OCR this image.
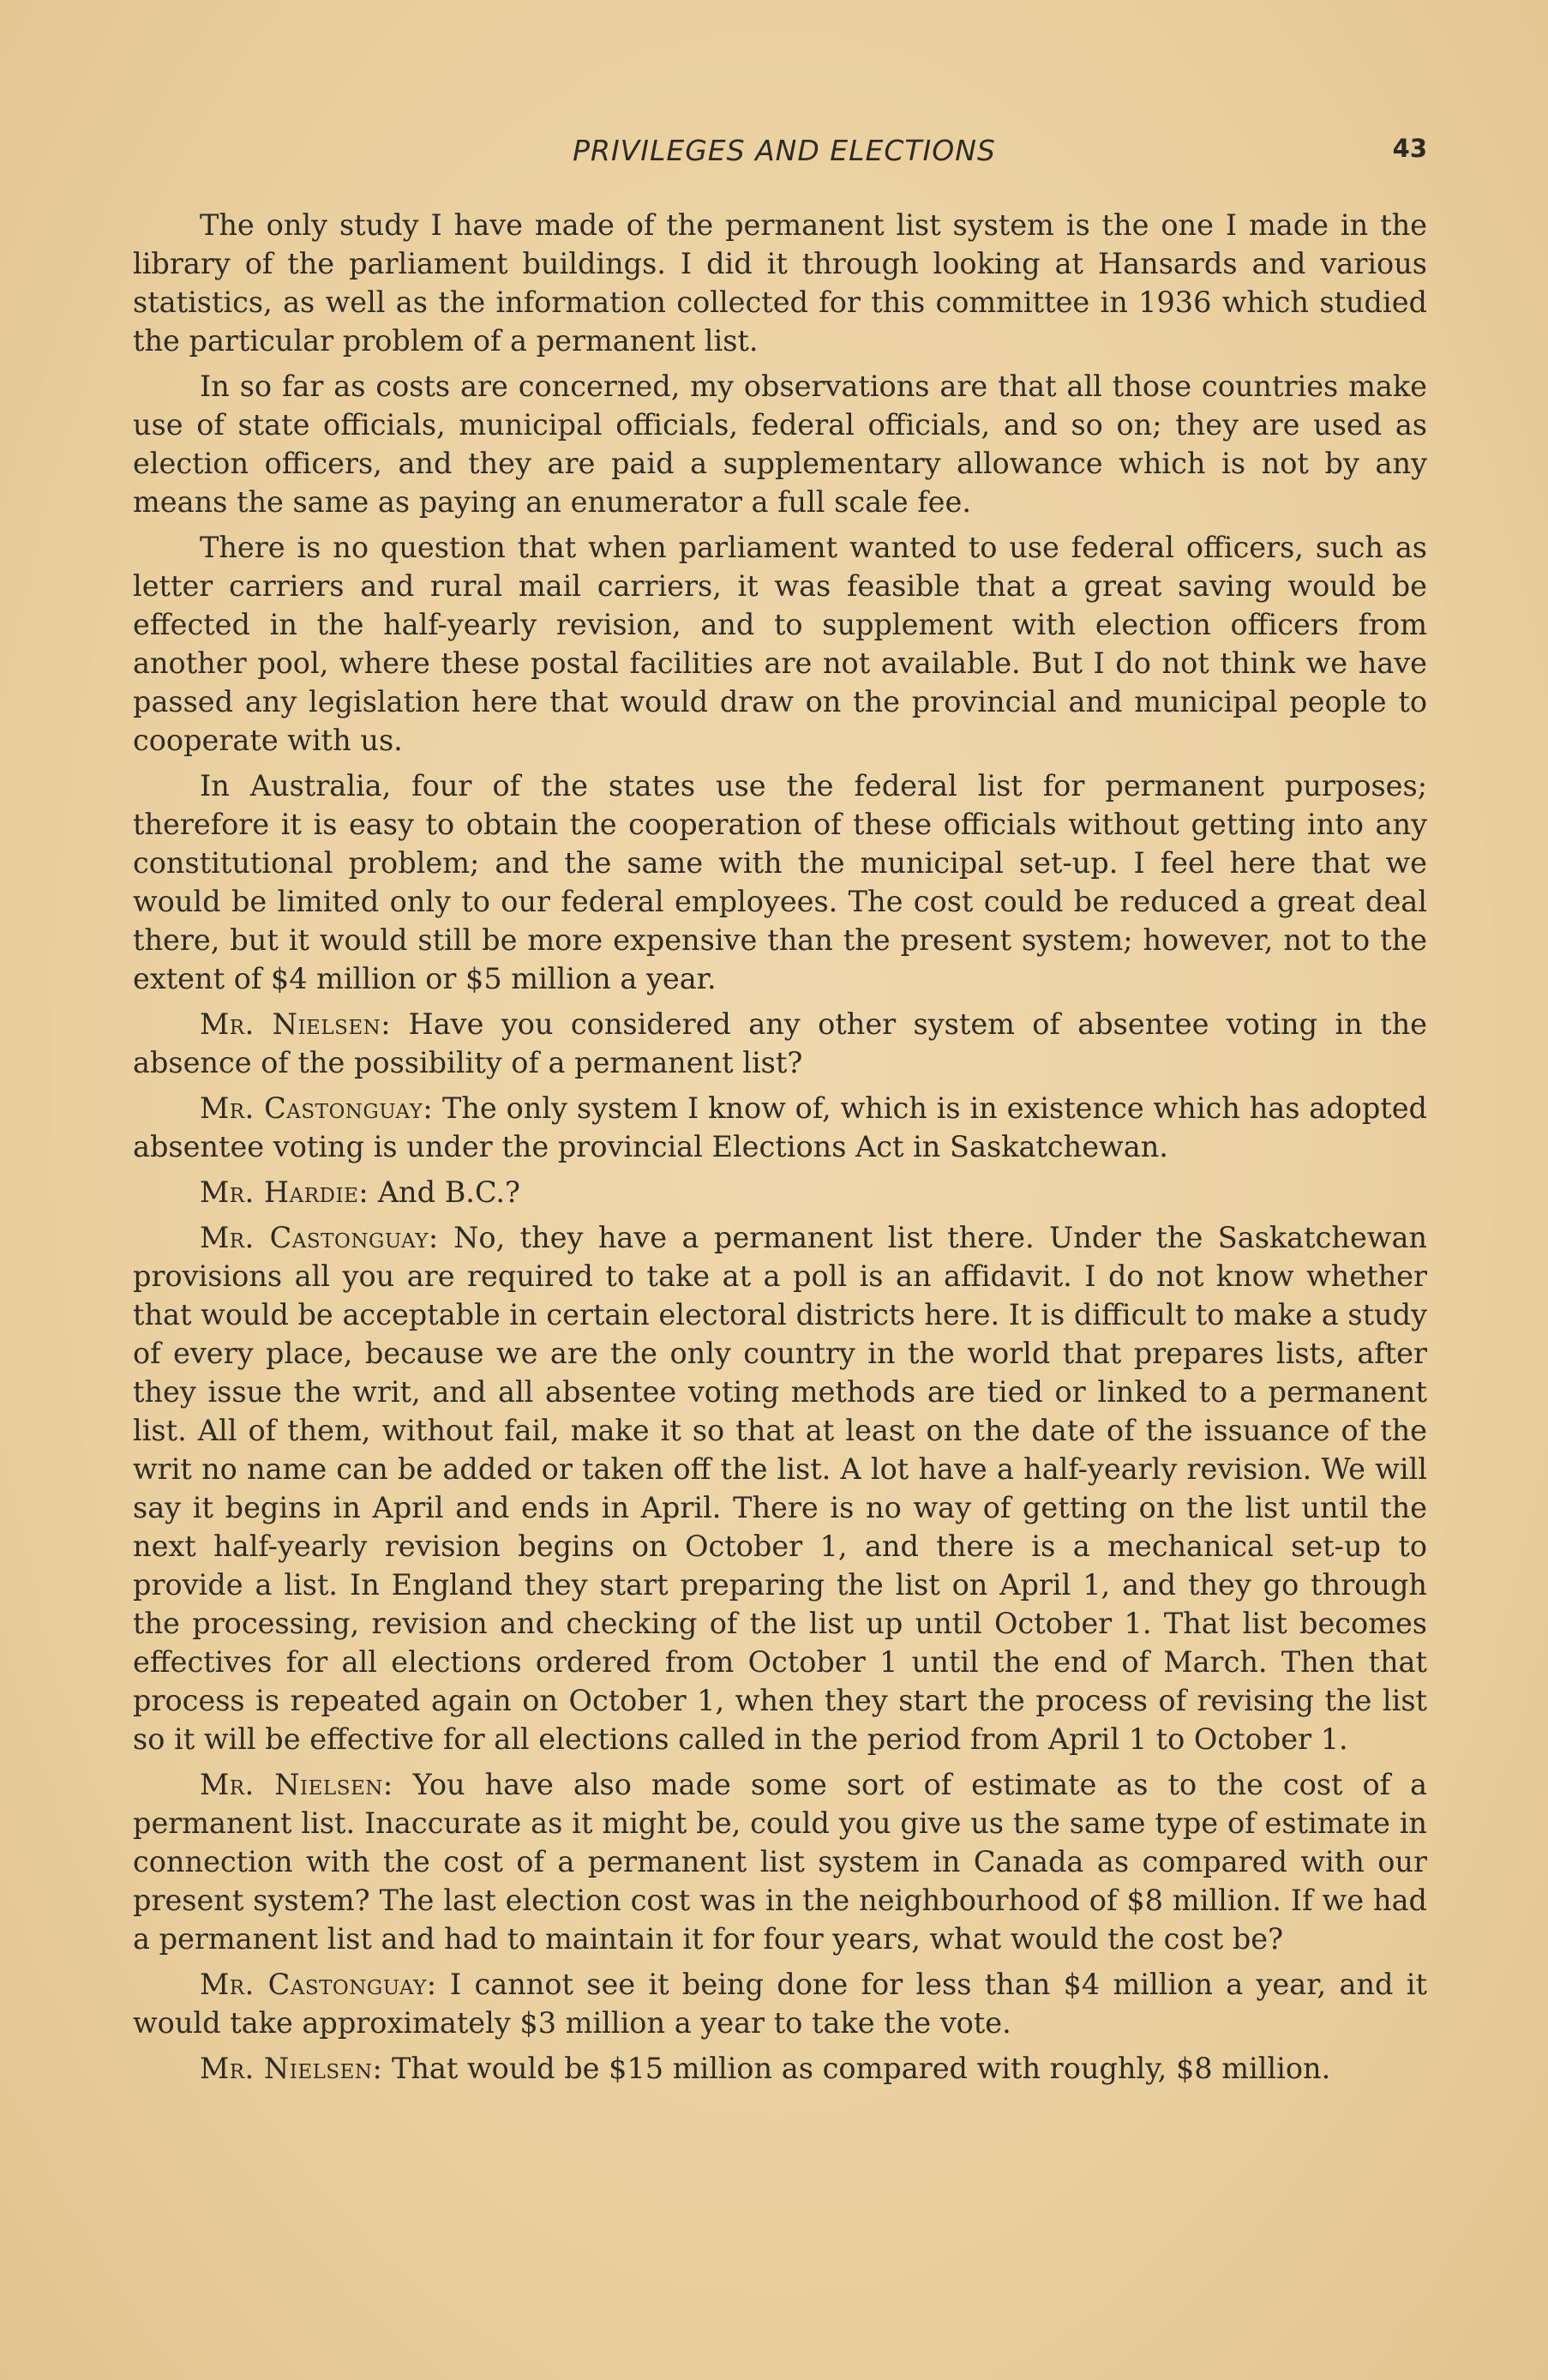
PRIVILEGES AND ELECTIONS	43

The only study I have made of the permanent list system is the one I made in the library of the parliament buildings. I did it through looking at Hansards and various statistics, as well as the information collected for this committee in 1936 which studied the particular problem of a permanent list.

In so far as costs are concerned, my observations are that all those countries make use of state officials, municipal officials, federal officials, and so on; they are used as election officers, and they are paid a supplementary allowance which is not by any means the same as paying an enumerator a full scale fee.

There is no question that when parliament wanted to use federal officers, such as letter carriers and rural mail carriers, it was feasible that a great saving would be effected in the half-yearly revision, and to supplement with election officers from another pool, where these postal facilities are not available. But I do not think we have passed any legislation here that would draw on the provincial and municipal people to cooperate with us.

In Australia, four of the states use the federal list for permanent purposes; therefore it is easy to obtain the cooperation of these officials without getting into any constitutional problem; and the same with the municipal set-up. I feel here that we would be limited only to our federal employees. The cost could be reduced a great deal there, but it would still be more expensive than the present system; however, not to the extent of $4 million or $5 million a year.

Mr. Nielsen: Have you considered any other system of absentee voting in the absence of the possibility of a permanent list?

Mr. Castonguay: The only system I know of, which is in existence which has adopted absentee voting is under the provincial Elections Act in Saskatchewan.

Mr. Hardie: And B.C.?

Mr. Castonguay: No, they have a permanent list there. Under the Saskatchewan provisions all you are required to take at a poll is an affidavit. I do not know whether that would be acceptable in certain electoral districts here. It is difficult to make a study of every place, because we are the only country in the world that prepares lists, after they issue the writ, and all absentee voting methods are tied or linked to a permanent list. All of them, without fail, make it so that at least on the date of the issuance of the writ no name can be added or taken off the list. A lot have a half-yearly revision. We will say it begins in April and ends in April. There is no way of getting on the list until the next half-yearly revision begins on October 1, and there is a mechanical set-up to provide a list. In England they start preparing the list on April 1, and they go through the processing, revision and checking of the list up until October 1. That list becomes effectives for all elections ordered from October 1 until the end of March. Then that process is repeated again on October 1, when they start the process of revising the list so it will be effective for all elections called in the period from April 1 to October 1.

Mr. Nielsen: You have also made some sort of estimate as to the cost of a permanent list. Inaccurate as it might be, could you give us the same type of estimate in connection with the cost of a permanent list system in Canada as compared with our present system? The last election cost was in the neighbourhood of $8 million. If we had a permanent list and had to maintain it for four years, what would the cost be?

Mr. Castonguay: I cannot see it being done for less than $4 million a year, and it would take approximately $3 million a year to take the vote.

Mr. Nielsen: That would be $15 million as compared with roughly, $8 million.
